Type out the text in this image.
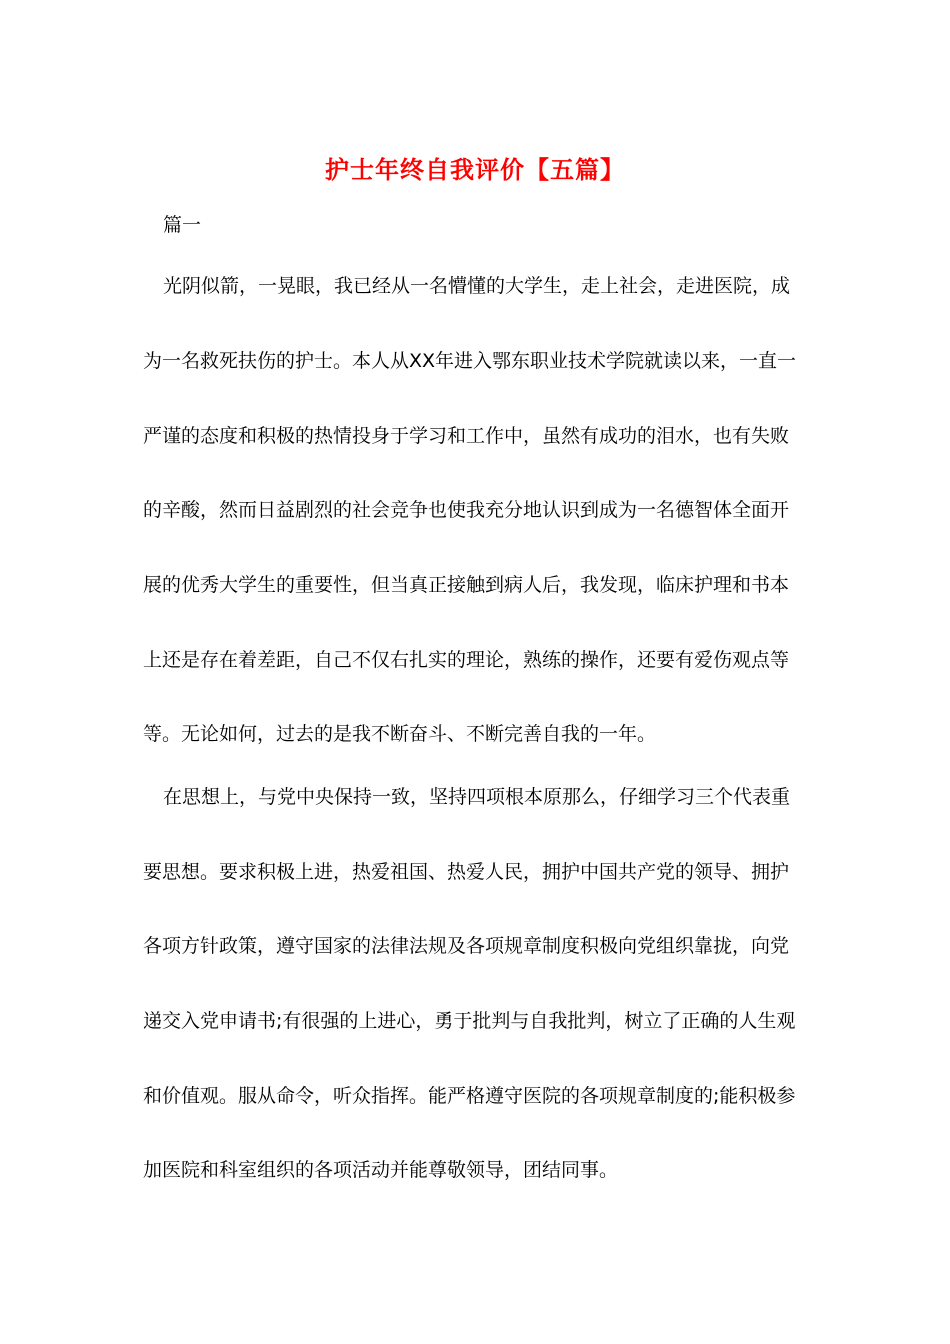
护士年终自我评价【五篇】

篇一

光阴似箭，一晃眼，我已经从一名懵懂的大学生，走上社会，走进医院，成

为一名救死扶伤的护士。本人从XX年进入鄂东职业技术学院就读以来，一直一

严谨的态度和积极的热情投身于学习和工作中，虽然有成功的泪水，也有失败

的辛酸，然而日益剧烈的社会竞争也使我充分地认识到成为一名德智体全面开

展的优秀大学生的重要性，但当真正接触到病人后，我发现，临床护理和书本

上还是存在着差距，自己不仅右扎实的理论，熟练的操作，还要有爱伤观点等

等。无论如何，过去的是我不断奋斗、不断完善自我的一年。

在思想上，与党中央保持一致，坚持四项根本原那么，仔细学习三个代表重

要思想。要求积极上进，热爱祖国、热爱人民，拥护中国共产党的领导、拥护

各项方针政策，遵守国家的法律法规及各项规章制度积极向党组织靠拢，向党

递交入党申请书;有很强的上进心，勇于批判与自我批判，树立了正确的人生观

和价值观。服从命令，听众指挥。能严格遵守医院的各项规章制度的;能积极参

加医院和科室组织的各项活动并能尊敬领导，团结同事。
